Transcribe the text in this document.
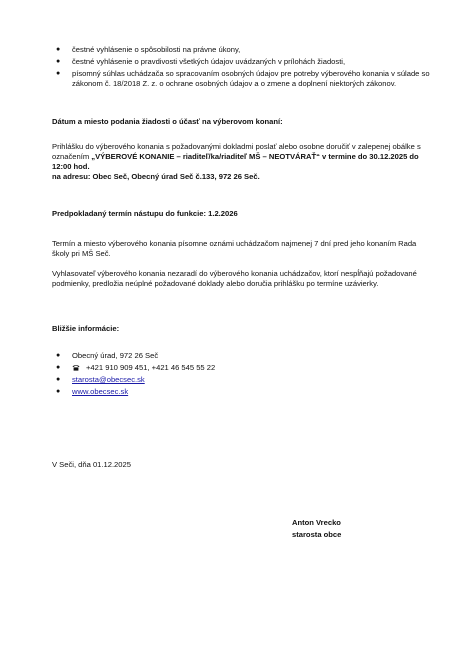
● čestné vyhlásenie o spôsobilosti na právne úkony,
● čestné vyhlásenie o pravdivosti všetkých údajov uvádzaných v prílohách žiadosti,
● písomný súhlas uchádzača so spracovaním osobných údajov pre potreby výberového konania v súlade so zákonom č. 18/2018 Z. z. o ochrane osobných údajov a o zmene a doplnení niektorých zákonov.
Dátum a miesto podania žiadosti o účasť na výberovom konaní:
Prihlášku do výberového konania s požadovanými dokladmi poslať alebo osobne doručiť v zalepenej obálke s označením „VÝBEROVÉ KONANIE – riaditeľ/ka/riaditeľ MŠ – NEOTVÁRAŤ“ v termine do 30.12.2025 do 12:00 hod.
na adresu: Obec Seč, Obecný úrad Seč č.133, 972 26 Seč.
Predpokladaný termín nástupu do funkcie: 1.2.2026
Termín a miesto výberového konania písomne oznámi uchádzačom najmenej 7 dní pred jeho konaním Rada školy pri MŠ Seč.
Vyhlasovateľ výberového konania nezaradí do výberového konania uchádzačov, ktorí nespĺňajú požadované podmienky, predložia neúplné požadované doklady alebo doručia prihlášku po termíne uzávierky.
Bližšie informácie:
● Obecný úrad, 972 26 Seč
●	+421 910 909 451, +421 46 545 55 22
● starosta@obecsec.sk
● www.obecsec.sk
V Seči, dňa 01.12.2025
Anton Vrecko
starosta obce
